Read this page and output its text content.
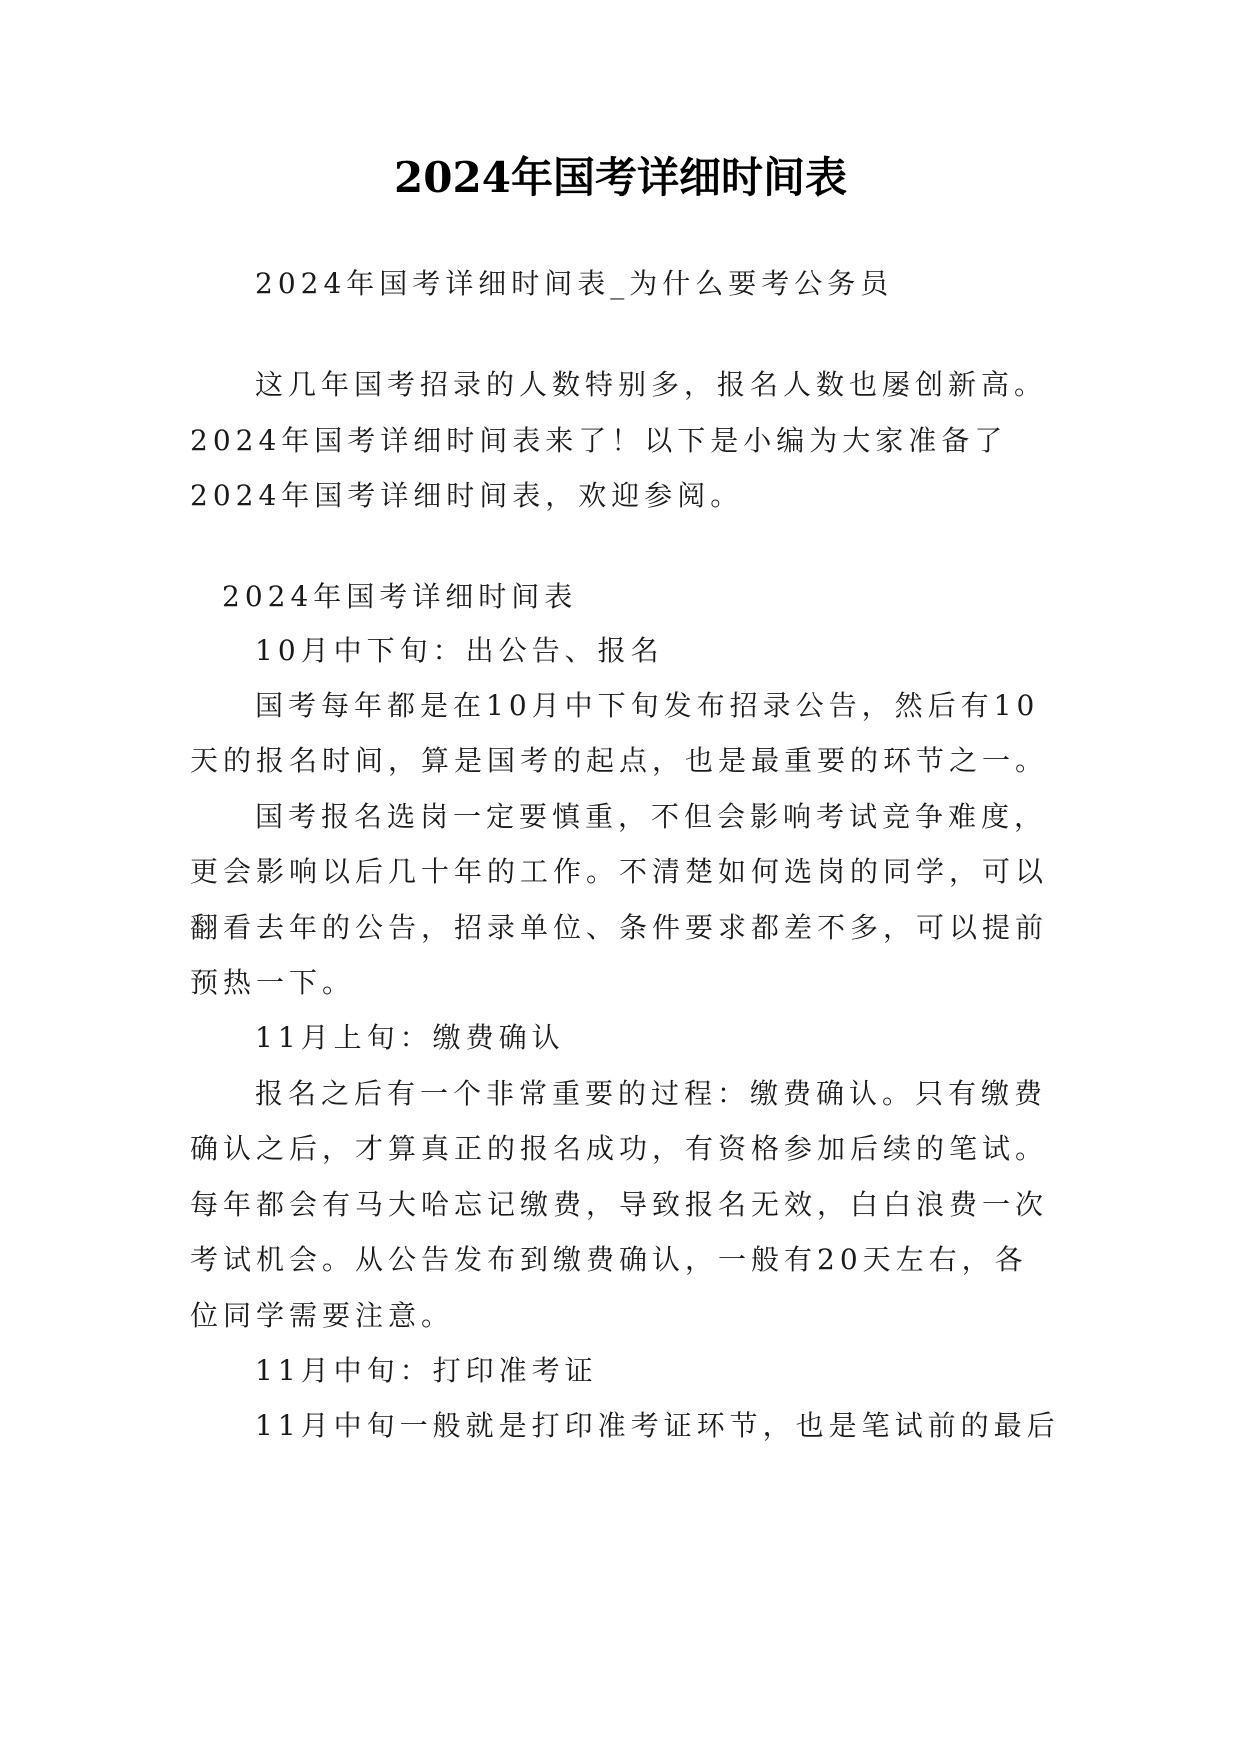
2024年国考详细时间表
2024年国考详细时间表_为什么要考公务员
这几年国考招录的人数特别多，报名人数也屡创新高。
2024年国考详细时间表来了！以下是小编为大家准备了
2024年国考详细时间表，欢迎参阅。
2024年国考详细时间表
10月中下旬：出公告、报名
国考每年都是在10月中下旬发布招录公告，然后有10
天的报名时间，算是国考的起点，也是最重要的环节之一。
国考报名选岗一定要慎重，不但会影响考试竞争难度，
更会影响以后几十年的工作。不清楚如何选岗的同学，可以
翻看去年的公告，招录单位、条件要求都差不多，可以提前
预热一下。
11月上旬：缴费确认
报名之后有一个非常重要的过程：缴费确认。只有缴费
确认之后，才算真正的报名成功，有资格参加后续的笔试。
每年都会有马大哈忘记缴费，导致报名无效，白白浪费一次
考试机会。从公告发布到缴费确认，一般有20天左右，各
位同学需要注意。
11月中旬：打印准考证
11月中旬一般就是打印准考证环节，也是笔试前的最后
